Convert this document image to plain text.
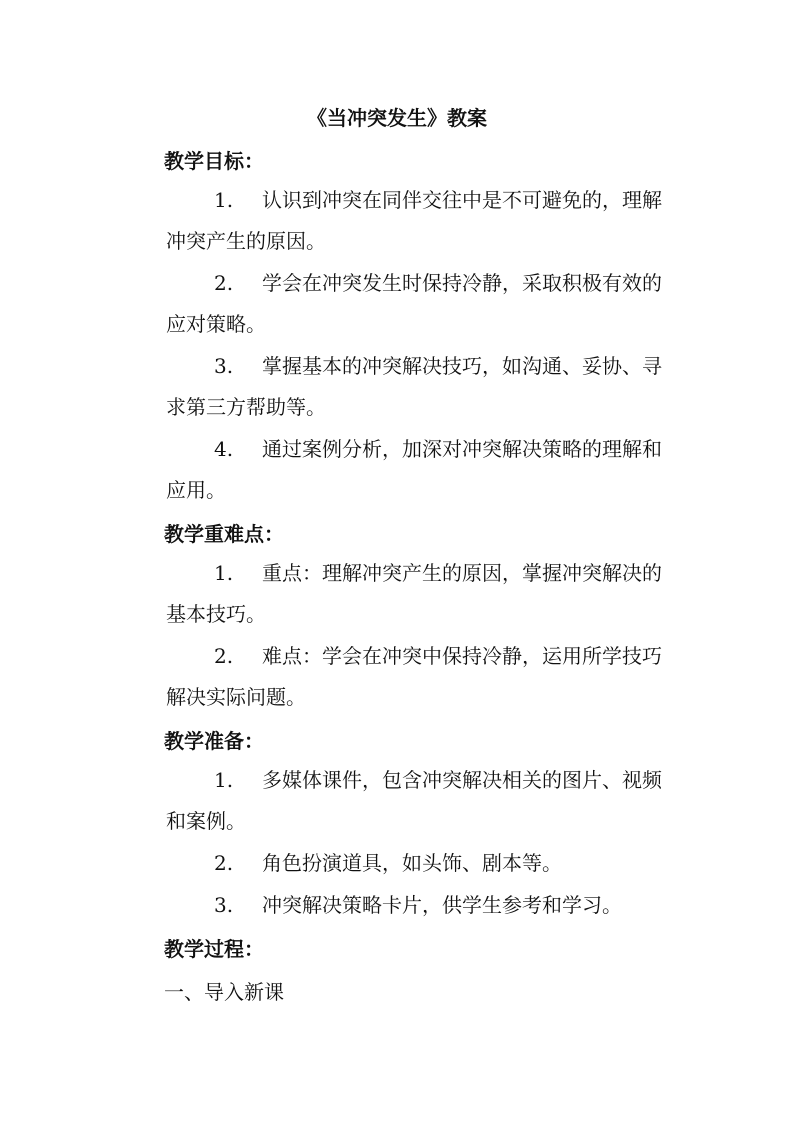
《当冲突发生》教案
教学目标：
1. 认识到冲突在同伴交往中是不可避免的，理解冲突产生的原因。
2. 学会在冲突发生时保持冷静，采取积极有效的应对策略。
3. 掌握基本的冲突解决技巧，如沟通、妥协、寻求第三方帮助等。
4. 通过案例分析，加深对冲突解决策略的理解和应用。
教学重难点：
1. 重点：理解冲突产生的原因，掌握冲突解决的基本技巧。
2. 难点：学会在冲突中保持冷静，运用所学技巧解决实际问题。
教学准备：
1. 多媒体课件，包含冲突解决相关的图片、视频和案例。
2. 角色扮演道具，如头饰、剧本等。
3. 冲突解决策略卡片，供学生参考和学习。
教学过程：
一、导入新课
